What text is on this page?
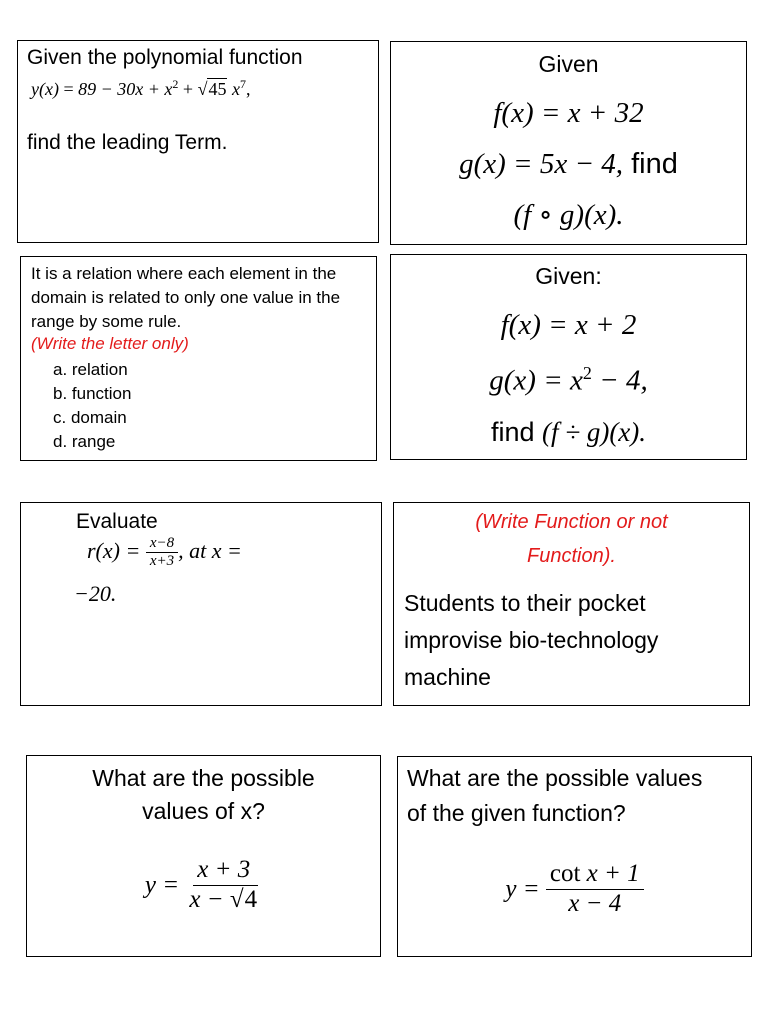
Given the polynomial function
$y(x) = 89 - 30x + x^2 + √45$ $x^7$,
find the leading Term.
Given
f(x) = x + 32
g(x) = 5x − 4, find
(f ∘ g)(x).
It is a relation where each element in the domain is related to only one value in the range by some rule.
(Write the letter only)
a. relation
b. function
c. domain
d. range
Given:
f(x) = x + 2
$g(x) = x^2 - 4$,
find (f ÷ g)(x).
Evaluate
$r(x) = \frac{x-8}{x+3}$ , at x =
−20.
(Write Function or not
Function).
Students to their pocket improvise bio-technology machine
What are the possible values of x?
$y = \frac{x + 3}{x - √4}$
What are the possible values of the given function?
$y = \frac{\text{cot x + 1}}{x - 4}$
